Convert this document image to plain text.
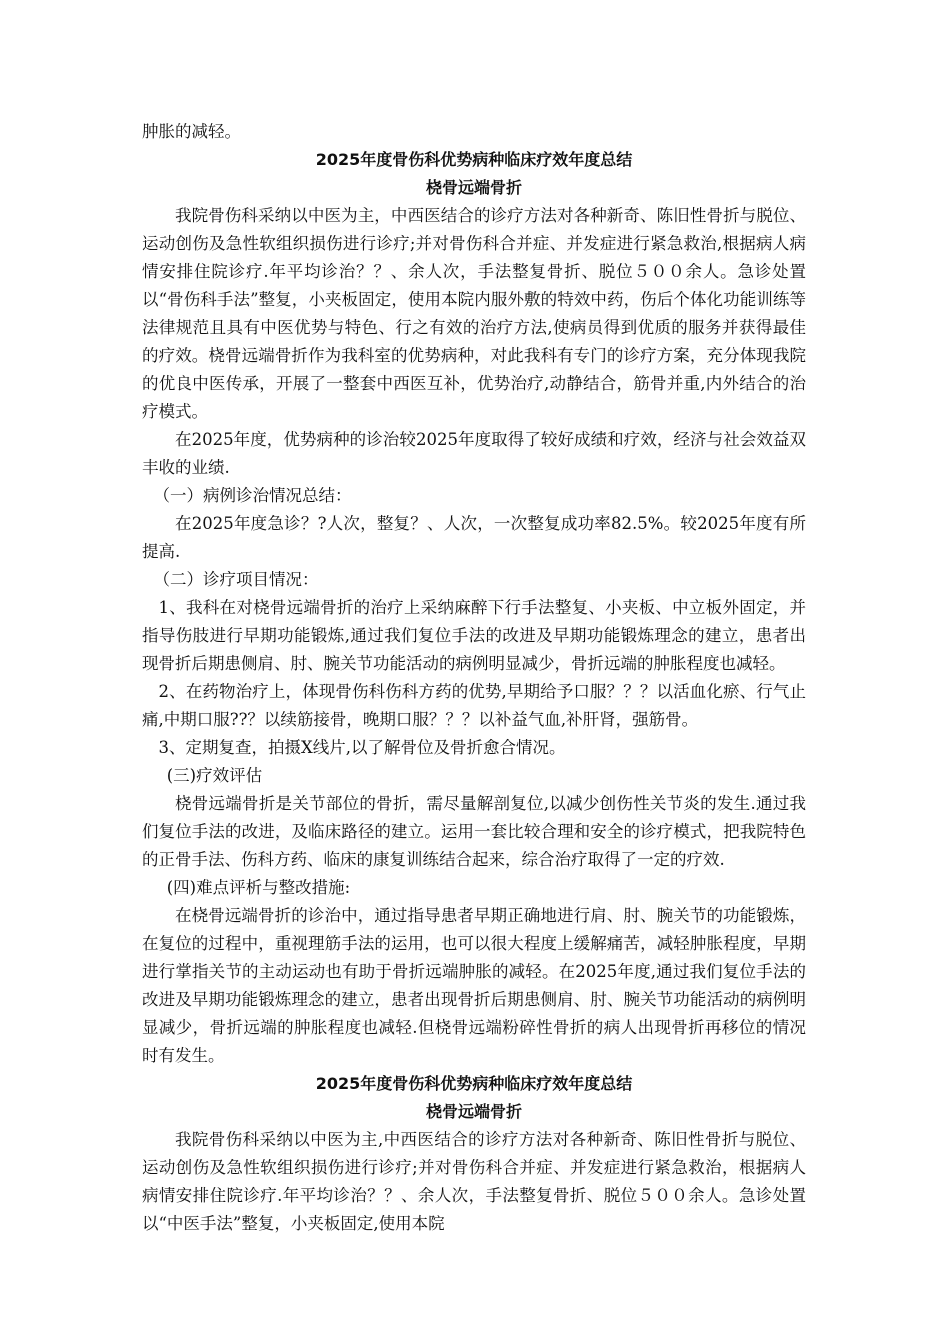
肿胀的减轻。

2025年度骨伤科优势病种临床疗效年度总结
桡骨远端骨折

我院骨伤科采纳以中医为主，中西医结合的诊疗方法对各种新奇、陈旧性骨折与脱位、运动创伤及急性软组织损伤进行诊疗;并对骨伤科合并症、并发症进行紧急救治,根据病人病情安排住院诊疗.年平均诊治？？、余人次，手法整复骨折、脱位５００余人。急诊处置以“骨伤科手法”整复，小夹板固定，使用本院内服外敷的特效中药，伤后个体化功能训练等法律规范且具有中医优势与特色、行之有效的治疗方法,使病员得到优质的服务并获得最佳的疗效。桡骨远端骨折作为我科室的优势病种，对此我科有专门的诊疗方案，充分体现我院的优良中医传承，开展了一整套中西医互补，优势治疗,动静结合，筋骨并重,内外结合的治疗模式。

在2025年度，优势病种的诊治较2025年度取得了较好成绩和疗效，经济与社会效益双丰收的业绩.

（一）病例诊治情况总结：

在2025年度急诊？?人次，整复？、人次，一次整复成功率82.5%。较2025年度有所提高.

（二）诊疗项目情况：

1、我科在对桡骨远端骨折的治疗上采纳麻醉下行手法整复、小夹板、中立板外固定，并指导伤肢进行早期功能锻炼,通过我们复位手法的改进及早期功能锻炼理念的建立，患者出现骨折后期患侧肩、肘、腕关节功能活动的病例明显减少，骨折远端的肿胀程度也减轻。

2、在药物治疗上，体现骨伤科伤科方药的优势,早期给予口服？？？以活血化瘀、行气止痛,中期口服??？以续筋接骨，晚期口服？？？以补益气血,补肝肾，强筋骨。

3、定期复查，拍摄X线片,以了解骨位及骨折愈合情况。

(三)疗效评估

桡骨远端骨折是关节部位的骨折，需尽量解剖复位,以减少创伤性关节炎的发生.通过我们复位手法的改进，及临床路径的建立。运用一套比较合理和安全的诊疗模式，把我院特色的正骨手法、伤科方药、临床的康复训练结合起来，综合治疗取得了一定的疗效.

(四)难点评析与整改措施:

在桡骨远端骨折的诊治中，通过指导患者早期正确地进行肩、肘、腕关节的功能锻炼，在复位的过程中，重视理筋手法的运用，也可以很大程度上缓解痛苦，减轻肿胀程度，早期进行掌指关节的主动运动也有助于骨折远端肿胀的减轻。在2025年度,通过我们复位手法的改进及早期功能锻炼理念的建立，患者出现骨折后期患侧肩、肘、腕关节功能活动的病例明显减少，骨折远端的肿胀程度也减轻.但桡骨远端粉碎性骨折的病人出现骨折再移位的情况时有发生。

2025年度骨伤科优势病种临床疗效年度总结
桡骨远端骨折

我院骨伤科采纳以中医为主,中西医结合的诊疗方法对各种新奇、陈旧性骨折与脱位、运动创伤及急性软组织损伤进行诊疗;并对骨伤科合并症、并发症进行紧急救治，根据病人病情安排住院诊疗.年平均诊治？？、余人次，手法整复骨折、脱位５００余人。急诊处置以“中医手法”整复，小夹板固定,使用本院
